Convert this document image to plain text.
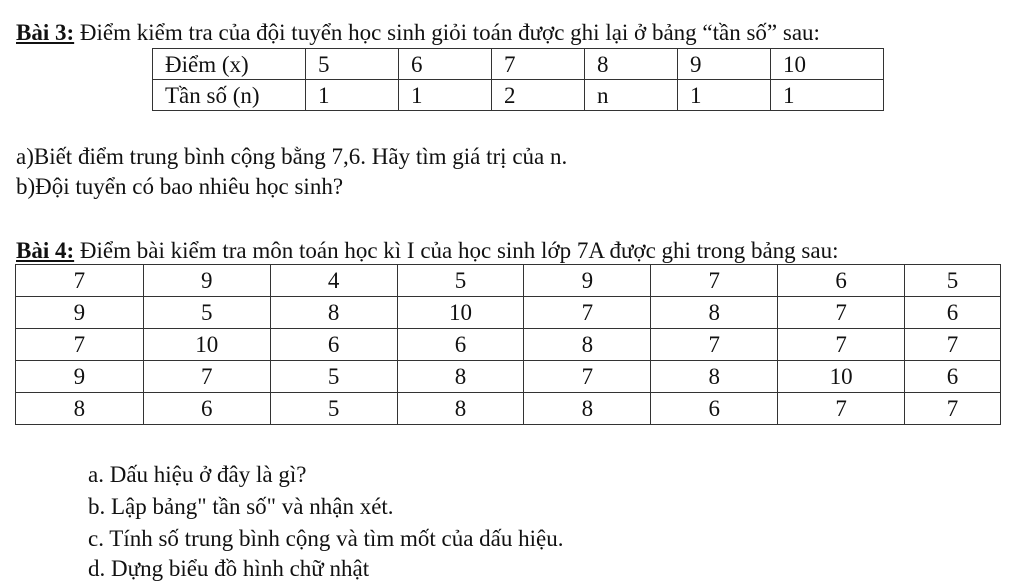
Bài 3: Điểm kiểm tra của đội tuyển học sinh giỏi toán được ghi lại ở bảng “tần số” sau:
Điểm (x)	5	6	7	8	9	10
Tần số (n)	1	1	2	n	1	1
a)Biết điểm trung bình cộng bằng 7,6. Hãy tìm giá trị của n.
b)Đội tuyển có bao nhiêu học sinh?
Bài 4: Điểm bài kiểm tra môn toán học kì I của học sinh lớp 7A được ghi trong bảng sau:
7	9	4	5	9	7	6	5
9	5	8	10	7	8	7	6
7	10	6	6	8	7	7	7
9	7	5	8	7	8	10	6
8	6	5	8	8	6	7	7
a. Dấu hiệu ở đây là gì?
b. Lập bảng" tần số" và nhận xét.
c. Tính số trung bình cộng và tìm mốt của dấu hiệu.
d. Dựng biểu đồ hình chữ nhật
